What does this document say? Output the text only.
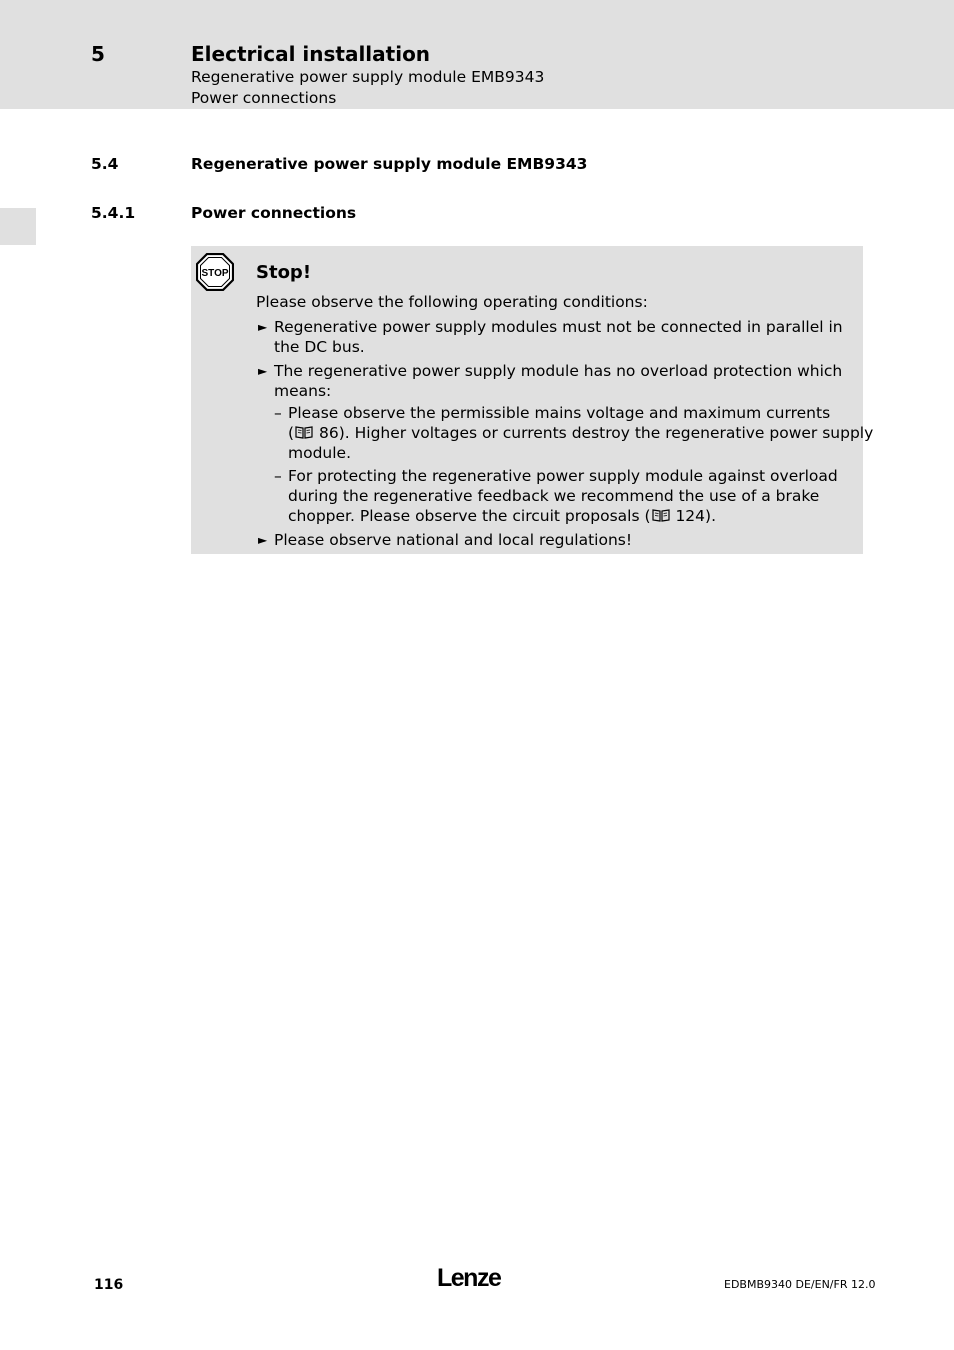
5	Electrical installation
Regenerative power supply module EMB9343
Power connections
5.4	Regenerative power supply module EMB9343
5.4.1	Power connections
STOP Stop!
Please observe the following operating conditions:
► Regenerative power supply modules must not be connected in parallel in
the DC bus.
► The regenerative power supply module has no overload protection which
means:
– Please observe the permissible mains voltage and maximum currents
( 86). Higher voltages or currents destroy the regenerative power supply
module.
– For protecting the regenerative power supply module against overload
during the regenerative feedback we recommend the use of a brake
chopper. Please observe the circuit proposals ( 124).
► Please observe national and local regulations!
116	Lenze	EDBMB9340 DE/EN/FR 12.0
